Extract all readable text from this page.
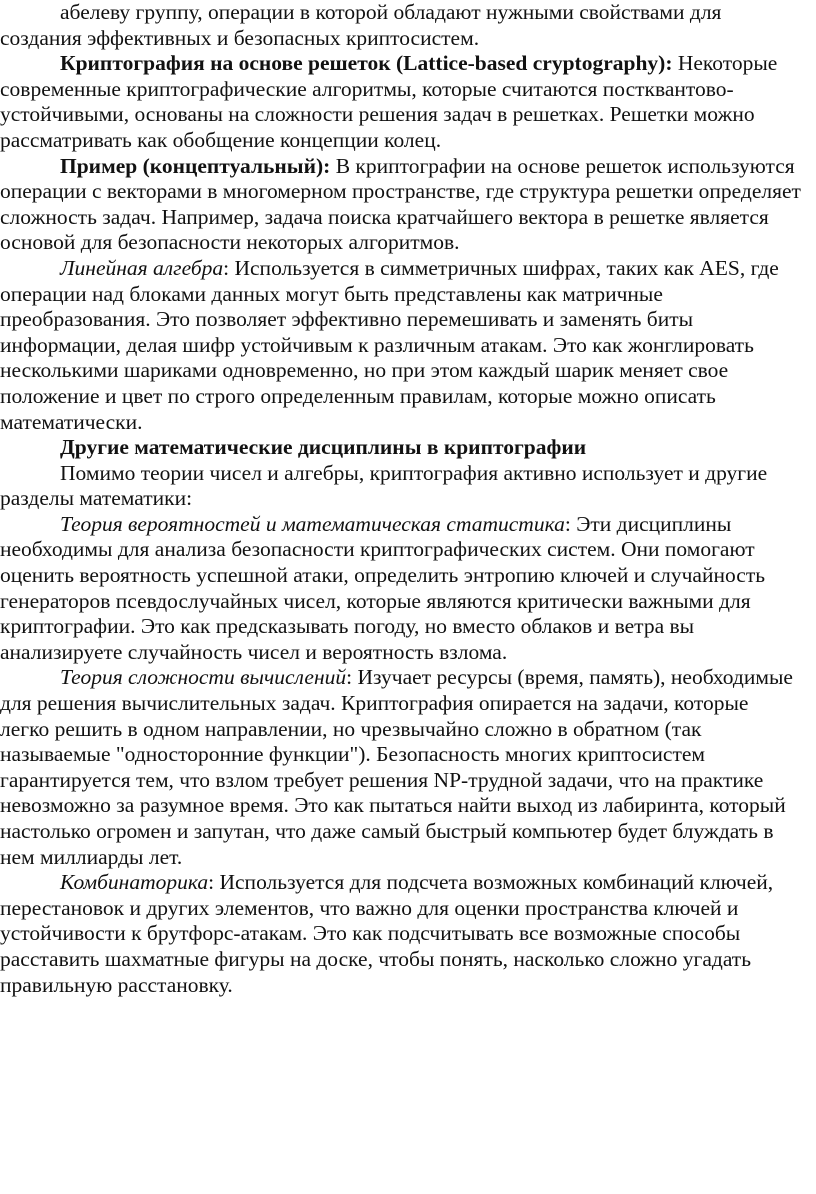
абелеву группу, операции в которой обладают нужными свойствами для создания эффективных и безопасных криптосистем.

Криптография на основе решеток (Lattice-based cryptography): Некоторые современные криптографические алгоритмы, которые считаются постквантово-устойчивыми, основаны на сложности решения задач в решетках. Решетки можно рассматривать как обобщение концепции колец.

Пример (концептуальный): В криптографии на основе решеток используются операции с векторами в многомерном пространстве, где структура решетки определяет сложность задач. Например, задача поиска кратчайшего вектора в решетке является основой для безопасности некоторых алгоритмов.

Линейная алгебра: Используется в симметричных шифрах, таких как AES, где операции над блоками данных могут быть представлены как матричные преобразования. Это позволяет эффективно перемешивать и заменять биты информации, делая шифр устойчивым к различным атакам. Это как жонглировать несколькими шариками одновременно, но при этом каждый шарик меняет свое положение и цвет по строго определенным правилам, которые можно описать математически.

Другие математические дисциплины в криптографии

Помимо теории чисел и алгебры, криптография активно использует и другие разделы математики:

Теория вероятностей и математическая статистика: Эти дисциплины необходимы для анализа безопасности криптографических систем. Они помогают оценить вероятность успешной атаки, определить энтропию ключей и случайность генераторов псевдослучайных чисел, которые являются критически важными для криптографии. Это как предсказывать погоду, но вместо облаков и ветра вы анализируете случайность чисел и вероятность взлома.

Теория сложности вычислений: Изучает ресурсы (время, память), необходимые для решения вычислительных задач. Криптография опирается на задачи, которые легко решить в одном направлении, но чрезвычайно сложно в обратном (так называемые "односторонние функции"). Безопасность многих криптосистем гарантируется тем, что взлом требует решения NP-трудной задачи, что на практике невозможно за разумное время. Это как пытаться найти выход из лабиринта, который настолько огромен и запутан, что даже самый быстрый компьютер будет блуждать в нем миллиарды лет.

Комбинаторика: Используется для подсчета возможных комбинаций ключей, перестановок и других элементов, что важно для оценки пространства ключей и устойчивости к брутфорс-атакам. Это как подсчитывать все возможные способы расставить шахматные фигуры на доске, чтобы понять, насколько сложно угадать правильную расстановку.
